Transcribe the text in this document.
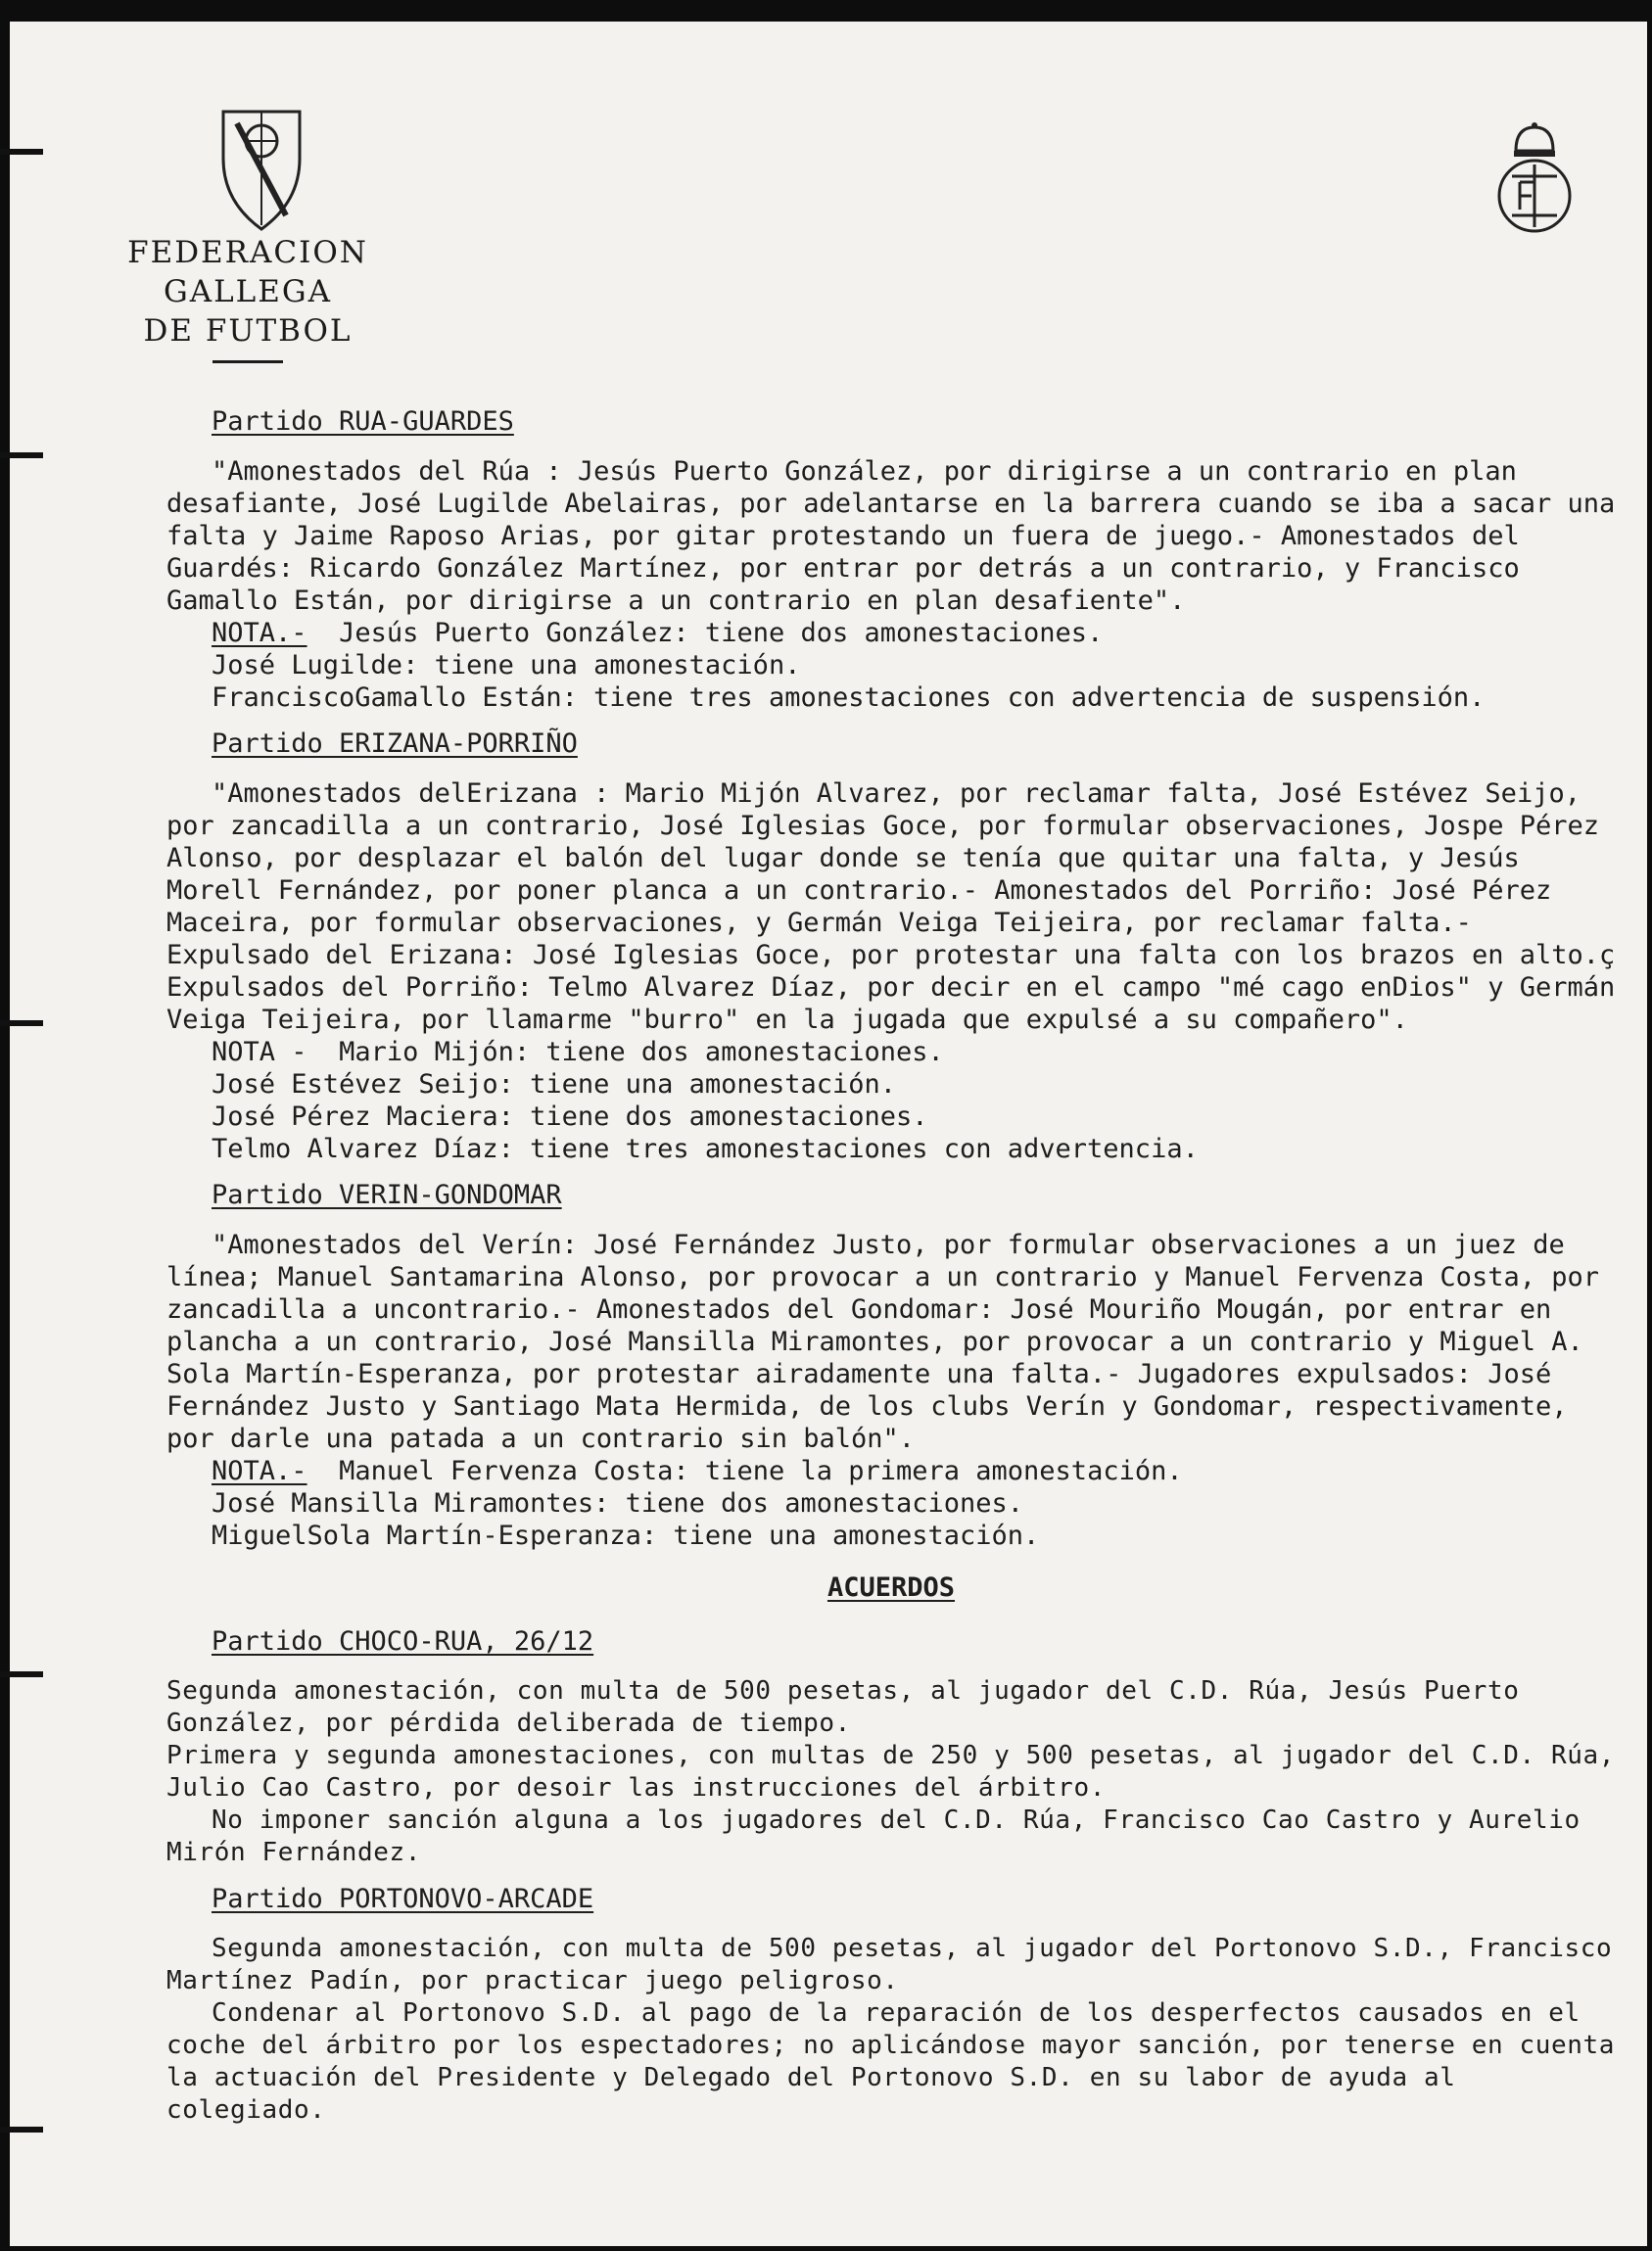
FEDERACION GALLEGA
DE FUTBOL
Partido RUA-GUARDES

"Amonestados del Rúa : Jesús Puerto González, por dirigirse a un contrario en plan desafiante, José Lugilde Abelairas, por adelantarse en la barrera cuando se iba a sacar una falta y Jaime Raposo Arias, por gitar protestando un fuera de juego.- Amonestados del Guardés: Ricardo González Martínez, por entrar por detrás a un contrario, y Francisco Gamallo Están, por dirigirse a un contrario en plan desafiente".

NOTA.- Jesús Puerto González: tiene dos amonestaciones.
José Lugilde: tiene una amonestación.
FranciscoGamallo Están: tiene tres amonestaciones con advertencia de suspensión.
Partido ERIZANA-PORRIÑO

"Amonestados delErizana : Mario Mijón Alvarez, por reclamar falta, José Estévez Seijo, por zancadilla a un contrario, José Iglesias Goce, por formular observaciones, Jospe Pérez Alonso, por desplazar el balón del lugar donde se tenía que quitar una falta, y Jesús Morell Fernández, por poner planca a un contrario.- Amonestados del Porriño: José Pérez Maceira, por formular observaciones, y Germán Veiga Teijeira, por reclamar falta.- Expulsado del Erizana: José Iglesias Goce, por protestar una falta con los brazos en alto.ç Expulsados del Porriño: Telmo Alvarez Díaz, por decir en el campo "mé cago enDios" y Germán Veiga Teijeira, por llamarme "burro" en la jugada que expulsé a su compañero".

NOTA - Mario Mijón: tiene dos amonestaciones.
José Estévez Seijo: tiene una amonestación.
José Pérez Maciera: tiene dos amonestaciones.
Telmo Alvarez Díaz: tiene tres amonestaciones con advertencia.
Partido VERIN-GONDOMAR

"Amonestados del Verín: José Fernández Justo, por formular observaciones a un juez de línea; Manuel Santamarina Alonso, por provocar a un contrario y Manuel Fervenza Costa, por zancadilla a uncontrario.- Amonestados del Gondomar: José Mouriño Mougán, por entrar en plancha a un contrario, José Mansilla Miramontes, por provocar a un contrario y Miguel A. Sola Martín-Esperanza, por protestar airadamente una falta.- Jugadores expulsados: José Fernández Justo y Santiago Mata Hermida, de los clubs Verín y Gondomar, respectivamente, por darle una patada a un contrario sin balón".

NOTA.- Manuel Fervenza Costa: tiene la primera amonestación.
José Mansilla Miramontes: tiene dos amonestaciones.
MiguelSola Martín-Esperanza: tiene una amonestación.
ACUERDOS
Partido CHOCO-RUA, 26/12

Segunda amonestación, con multa de 500 pesetas, al jugador del C.D. Rúa, Jesús Puerto González, por pérdida deliberada de tiempo.

Primera y segunda amonestaciones, con multas de 250 y 500 pesetas, al jugador del C.D. Rúa, Julio Cao Castro, por desoir las instrucciones del árbitro.

No imponer sanción alguna a los jugadores del C.D. Rúa, Francisco Cao Castro y Aurelio Mirón Fernández.

Partido PORTONOVO-ARCADE

Segunda amonestación, con multa de 500 pesetas, al jugador del Portonovo S.D., Francisco Martínez Padín, por practicar juego peligroso.

Condenar al Portonovo S.D. al pago de la reparación de los desperfectos causados en el coche del árbitro por los espectadores; no aplicándose mayor sanción, por tenerse en cuenta la actuación del Presidente y Delegado del Portonovo S.D. en su labor de ayuda al colegiado.
